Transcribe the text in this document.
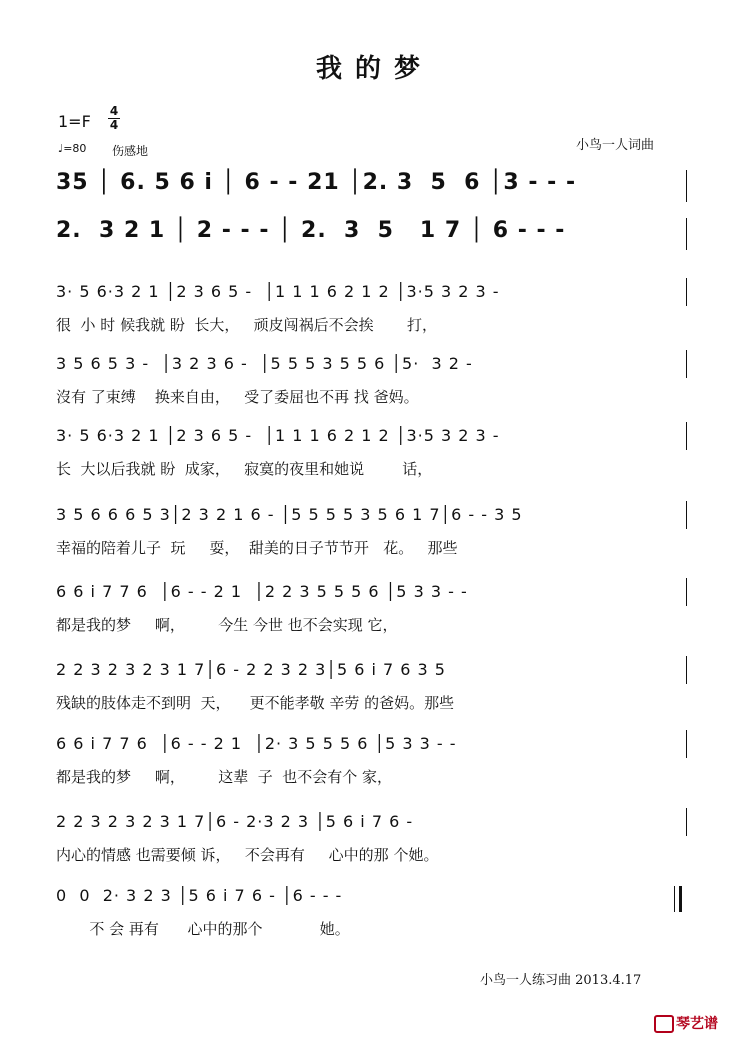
我 的 梦
1=F
4
4
♩=80 伤感地	小鸟一人词曲
35 │ 6. 5 6 i │ 6 - - 21 │2. 3  5  6 │3 - - -
2.  3 2 1 │ 2 - - - │ 2.  3  5   1 7 │ 6 - - -
3· 5 6·3 2 1 │2 3 6 5 -  │1 1 1 6 2 1 2 │3·5 3 2 3 -
很  小 时 候我就 盼  长大，   顽皮闯祸后不会挨       打，
3 5 6 5 3 -  │3 2 3 6 -  │5 5 5 3 5 5 6 │5·  3 2 -
沒有 了束缚    换来自由，   受了委屈也不再 找 爸妈。
3· 5 6·3 2 1 │2 3 6 5 -  │1 1 1 6 2 1 2 │3·5 3 2 3 -
长  大以后我就 盼  成家，   寂寞的夜里和她说        话，
3 5 6 6 6 5 3│2 3 2 1 6 - │5 5 5 5 3 5 6 1 7│6 - - 3 5
幸福的陪着儿子  玩     耍，  甜美的日子节节开   花。   那些
6 6 i 7 7 6  │6 - - 2 1  │2 2 3 5 5 5 6 │5 3 3 - -
都是我的梦     啊，       今生 今世 也不会实现 它，
2 2 3 2 3 2 3 1 7│6 - 2 2 3 2 3│5 6 i 7 6 3 5
残缺的肢体走不到明  天，    更不能孝敬 辛劳 的爸妈。那些
6 6 i 7 7 6  │6 - - 2 1  │2· 3 5 5 5 6 │5 3 3 - -
都是我的梦     啊，       这辈  子  也不会有个 家，
2 2 3 2 3 2 3 1 7│6 - 2·3 2 3 │5 6 i 7 6 -
内心的情感 也需要倾 诉，   不会再有     心中的那 个她。
0  0  2· 3 2 3 │5 6 i 7 6 - │6 - - -
不 会 再有      心中的那个            她。
小鸟一人练习曲 2013.4.17
琴艺谱
